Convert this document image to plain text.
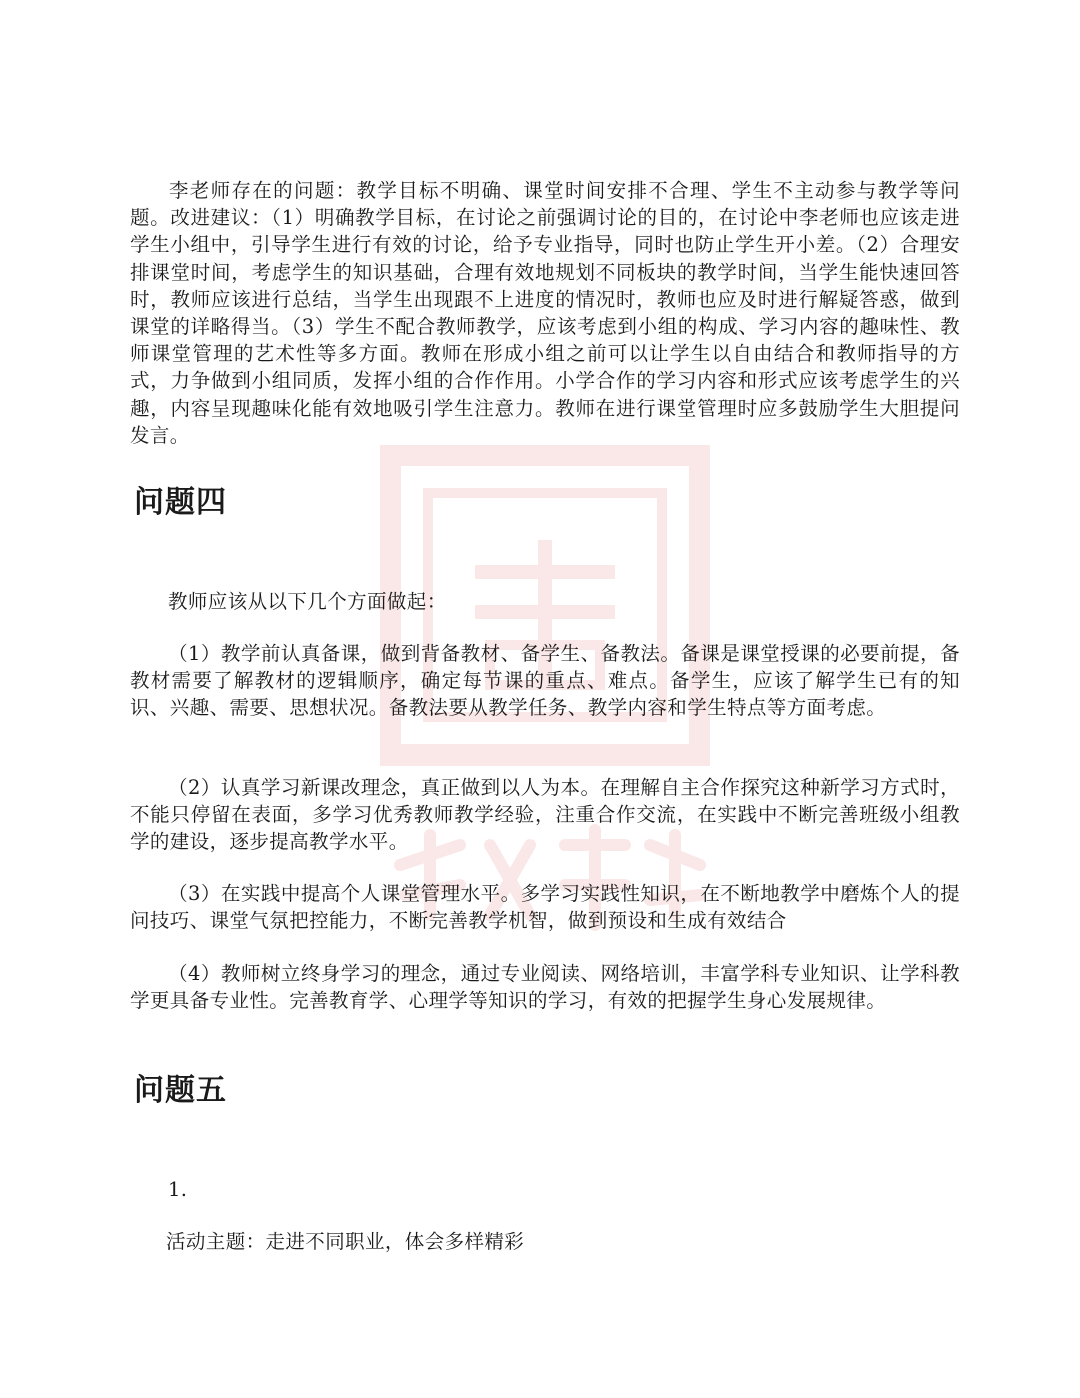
李老师存在的问题：教学目标不明确、课堂时间安排不合理、学生不主动参与教学等问题。改进建议：（1）明确教学目标，在讨论之前强调讨论的目的，在讨论中李老师也应该走进学生小组中，引导学生进行有效的讨论，给予专业指导，同时也防止学生开小差。（2）合理安排课堂时间，考虑学生的知识基础，合理有效地规划不同板块的教学时间，当学生能快速回答时，教师应该进行总结，当学生出现跟不上进度的情况时，教师也应及时进行解疑答惑，做到课堂的详略得当。（3）学生不配合教师教学，应该考虑到小组的构成、学习内容的趣味性、教师课堂管理的艺术性等多方面。教师在形成小组之前可以让学生以自由结合和教师指导的方式，力争做到小组同质，发挥小组的合作作用。小学合作的学习内容和形式应该考虑学生的兴趣，内容呈现趣味化能有效地吸引学生注意力。教师在进行课堂管理时应多鼓励学生大胆提问发言。

问题四

教师应该从以下几个方面做起：

（1）教学前认真备课，做到背备教材、备学生、备教法。备课是课堂授课的必要前提，备教材需要了解教材的逻辑顺序，确定每节课的重点、难点。备学生，应该了解学生已有的知识、兴趣、需要、思想状况。备教法要从教学任务、教学内容和学生特点等方面考虑。

（2）认真学习新课改理念，真正做到以人为本。在理解自主合作探究这种新学习方式时，不能只停留在表面，多学习优秀教师教学经验，注重合作交流，在实践中不断完善班级小组教学的建设，逐步提高教学水平。

（3）在实践中提高个人课堂管理水平。多学习实践性知识，在不断地教学中磨炼个人的提问技巧、课堂气氛把控能力，不断完善教学机智，做到预设和生成有效结合

（4）教师树立终身学习的理念，通过专业阅读、网络培训，丰富学科专业知识、让学科教学更具备专业性。完善教育学、心理学等知识的学习，有效的把握学生身心发展规律。

问题五

1.

活动主题：走进不同职业，体会多样精彩
